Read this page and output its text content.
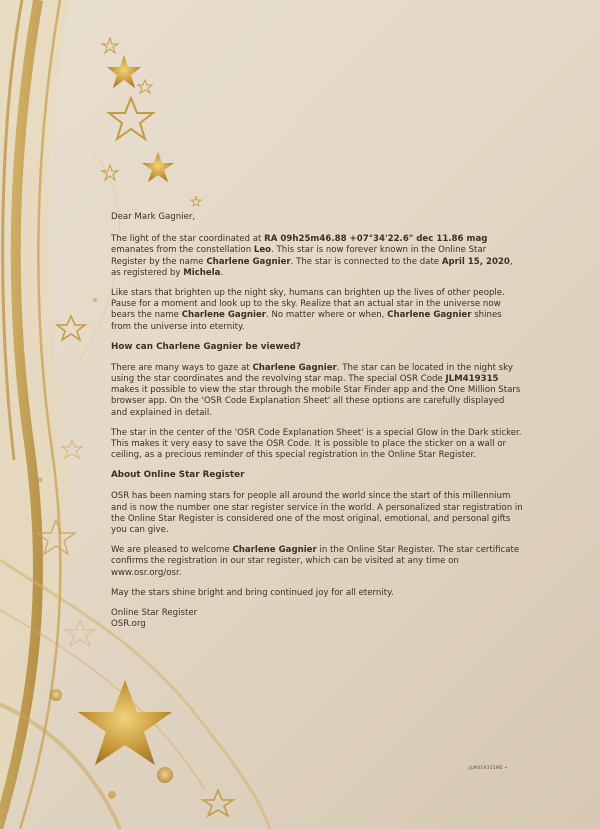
Dear Mark Gagnier,

The light of the star coordinated at RA 09h25m46.88 +07°34'22.6" dec 11.86 mag emanates from the constellation Leo. This star is now forever known in the Online Star Register by the name Charlene Gagnier. The star is connected to the date April 15, 2020, as registered by Michela.

Like stars that brighten up the night sky, humans can brighten up the lives of other people. Pause for a moment and look up to the sky. Realize that an actual star in the universe now bears the name Charlene Gagnier. No matter where or when, Charlene Gagnier shines from the universe into eternity.

How can Charlene Gagnier be viewed?

There are many ways to gaze at Charlene Gagnier. The star can be located in the night sky using the star coordinates and the revolving star map. The special OSR Code JLM419315 makes it possible to view the star through the mobile Star Finder app and the One Million Stars browser app. On the 'OSR Code Explanation Sheet' all these options are carefully displayed and explained in detail.

The star in the center of the 'OSR Code Explanation Sheet' is a special Glow in the Dark sticker. This makes it very easy to save the OSR Code. It is possible to place the sticker on a wall or ceiling, as a precious reminder of this special registration in the Online Star Register.

About Online Star Register

OSR has been naming stars for people all around the world since the start of this millennium and is now the number one star register service in the world. A personalized star registration in the Online Star Register is considered one of the most original, emotional, and personal gifts you can give.

We are pleased to welcome Charlene Gagnier in the Online Star Register. The star certificate confirms the registration in our star register, which can be visited at any time on www.osr.org/osr.

May the stars shine bright and bring continued joy for all eternity.

Online Star Register
OSR.org
JLM419315ME •
